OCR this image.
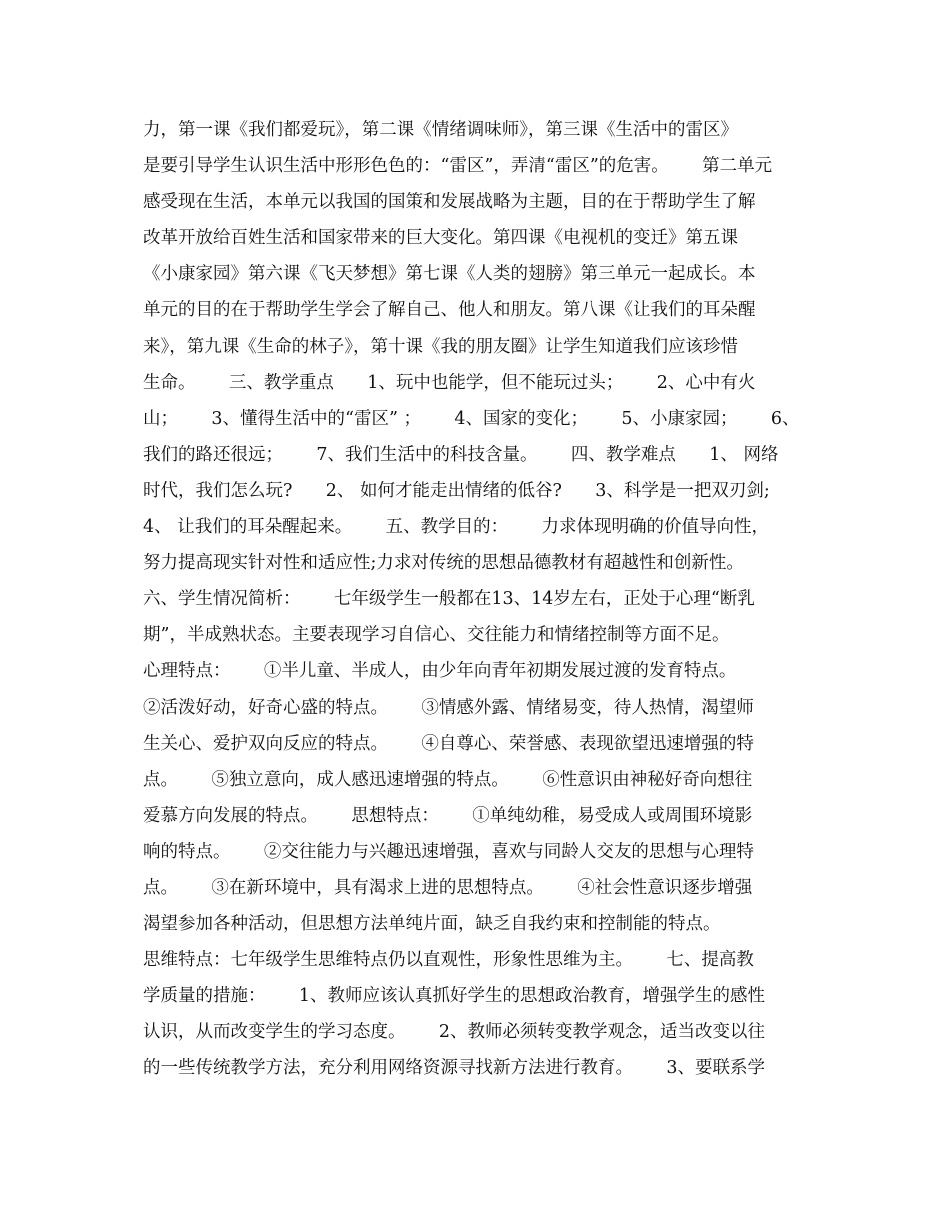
力，第一课《我们都爱玩》，第二课《情绪调味师》，第三课《生活中的雷区》
是要引导学生认识生活中形形色色的：“雷区”，弄清“雷区”的危害。      第二单元
感受现在生活，本单元以我国的国策和发展战略为主题，目的在于帮助学生了解
改革开放给百姓生活和国家带来的巨大变化。第四课《电视机的变迁》第五课
《小康家园》第六课《飞天梦想》第七课《人类的翅膀》第三单元一起成长。本
单元的目的在于帮助学生学会了解自己、他人和朋友。第八课《让我们的耳朵醒
来》，第九课《生命的林子》，第十课《我的朋友圈》让学生知道我们应该珍惜
生命。      三、教学重点      1、玩中也能学，但不能玩过头；      2、心中有火
山；      3、懂得生活中的“雷区” ；      4、国家的变化；      5、小康家园；      6、
我们的路还很远；      7、我们生活中的科技含量。      四、教学难点      1、 网络
时代，我们怎么玩?      2、 如何才能走出情绪的低谷?      3、科学是一把双刃剑;
4、 让我们的耳朵醒起来。      五、教学目的：      力求体现明确的价值导向性，
努力提高现实针对性和适应性;力求对传统的思想品德教材有超越性和创新性。
六、学生情况简析：      七年级学生一般都在13、14岁左右，正处于心理“断乳
期”，半成熟状态。主要表现学习自信心、交往能力和情绪控制等方面不足。
心理特点：      ①半儿童、半成人，由少年向青年初期发展过渡的发育特点。
②活泼好动，好奇心盛的特点。      ③情感外露、情绪易变，待人热情，渴望师
生关心、爱护双向反应的特点。      ④自尊心、荣誉感、表现欲望迅速增强的特
点。      ⑤独立意向，成人感迅速增强的特点。      ⑥性意识由神秘好奇向想往
爱慕方向发展的特点。      思想特点：      ①单纯幼稚，易受成人或周围环境影
响的特点。      ②交往能力与兴趣迅速增强，喜欢与同龄人交友的思想与心理特
点。      ③在新环境中，具有渴求上进的思想特点。      ④社会性意识逐步增强
渴望参加各种活动，但思想方法单纯片面，缺乏自我约束和控制能的特点。
思维特点：七年级学生思维特点仍以直观性，形象性思维为主。      七、提高教
学质量的措施：      1、教师应该认真抓好学生的思想政治教育，增强学生的感性
认识，从而改变学生的学习态度。      2、教师必须转变教学观念，适当改变以往
的一些传统教学方法，充分利用网络资源寻找新方法进行教育。      3、要联系学
